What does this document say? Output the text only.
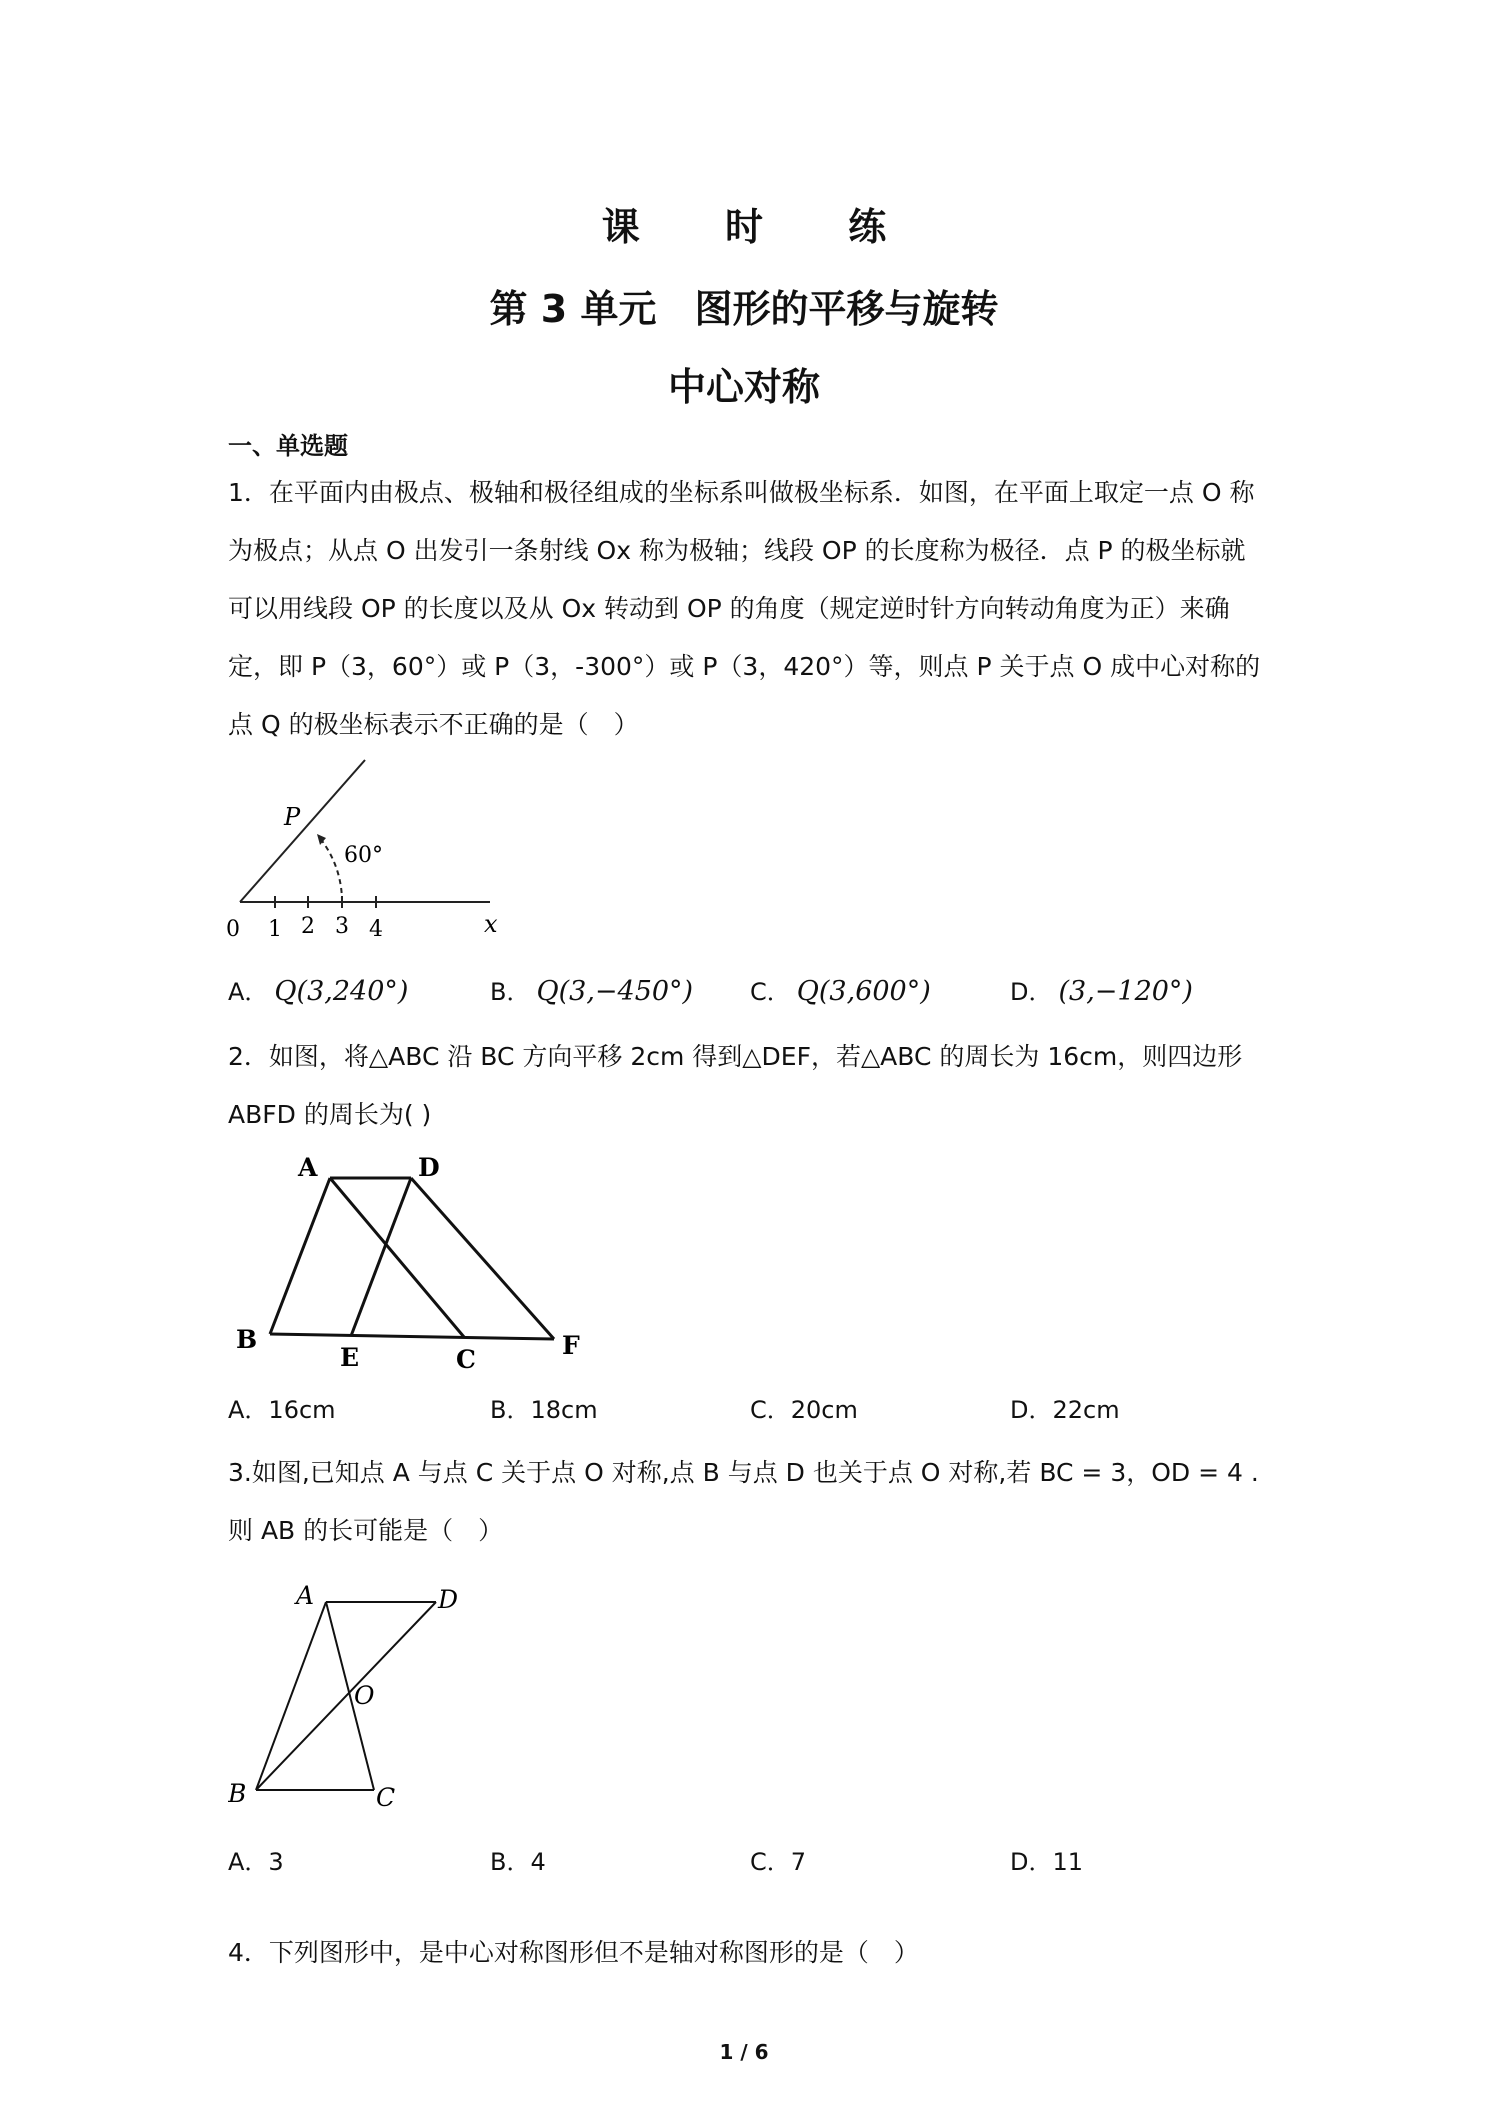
课 时 练
第 3 单元　图形的平移与旋转
中心对称
一、单选题
1．在平面内由极点、极轴和极径组成的坐标系叫做极坐标系．如图，在平面上取定一点 O 称为极点；从点 O 出发引一条射线 Ox 称为极轴；线段 OP 的长度称为极径．点 P 的极坐标就可以用线段 OP 的长度以及从 Ox 转动到 OP 的角度（规定逆时针方向转动角度为正）来确定，即 P（3，60°）或 P（3，-300°）或 P（3，420°）等，则点 P 关于点 O 成中心对称的点 Q 的极坐标表示不正确的是（　）
P
60°
0 1 2 3 4	x
A． Q(3,240°)	B． Q(3,−450°) C． Q(3,600°)	D． (3,−120°)
2．如图，将△ABC 沿 BC 方向平移 2cm 得到△DEF，若△ABC 的周长为 16cm，则四边形 ABFD 的周长为( )
A	D
B
E	C	F
A．16cm	B．18cm	C．20cm	D．22cm
3.如图,已知点 A 与点 C 关于点 O 对称,点 B 与点 D 也关于点 O 对称,若 BC = 3，OD = 4 . 则 AB 的长可能是（　）
A	D
O
B	C
A．3	B．4	C．7	D．11
4．下列图形中，是中心对称图形但不是轴对称图形的是（　）
1 / 6
